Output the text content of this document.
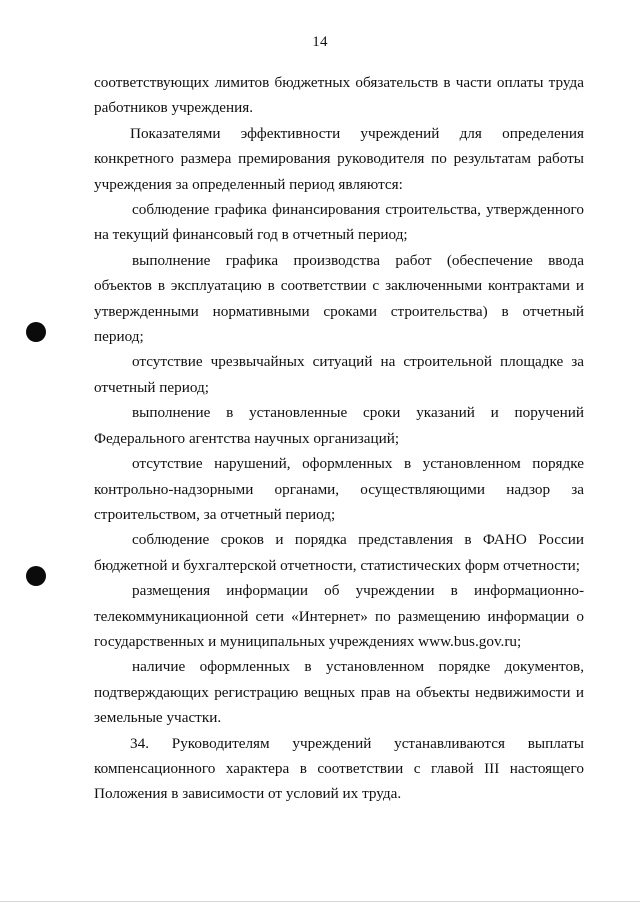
14

соответствующих лимитов бюджетных обязательств в части оплаты труда работников учреждения.

Показателями эффективности учреждений для определения конкретного размера премирования руководителя по результатам работы учреждения за определенный период являются:

соблюдение графика финансирования строительства, утвержденного на текущий финансовый год в отчетный период;

выполнение графика производства работ (обеспечение ввода объектов в эксплуатацию в соответствии с заключенными контрактами и утвержденными нормативными сроками строительства) в отчетный период;

отсутствие чрезвычайных ситуаций на строительной площадке за отчетный период;

выполнение в установленные сроки указаний и поручений Федерального агентства научных организаций;

отсутствие нарушений, оформленных в установленном порядке контрольно-надзорными органами, осуществляющими надзор за строительством, за отчетный период;

соблюдение сроков и порядка представления в ФАНО России бюджетной и бухгалтерской отчетности, статистических форм отчетности;

размещения информации об учреждении в информационно-телекоммуникационной сети «Интернет» по размещению информации о государственных и муниципальных учреждениях www.bus.gov.ru;

наличие оформленных в установленном порядке документов, подтверждающих регистрацию вещных прав на объекты недвижимости и земельные участки.

34. Руководителям учреждений устанавливаются выплаты компенсационного характера в соответствии с главой III настоящего Положения в зависимости от условий их труда.
